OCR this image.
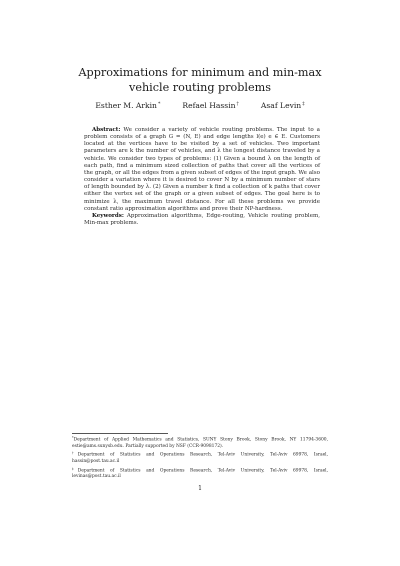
Approximations for minimum and min-max vehicle routing problems
Esther M. Arkin*	Refael Hassin†	Asaf Levin‡

Abstract: We consider a variety of vehicle routing problems. The input to a problem consists of a graph G = (N, E) and edge lengths l(e) e ∈ E. Customers located at the vertices have to be visited by a set of vehicles. Two important parameters are k the number of vehicles, and λ the longest distance traveled by a vehicle. We consider two types of problems: (1) Given a bound λ on the length of each path, find a minimum sized collection of paths that cover all the vertices of the graph, or all the edges from a given subset of edges of the input graph. We also consider a variation where it is desired to cover N by a minimum number of stars of length bounded by λ. (2) Given a number k find a collection of k paths that cover either the vertex set of the graph or a given subset of edges. The goal here is to minimize λ, the maximum travel distance. For all these problems we provide constant ratio approximation algorithms and prove their NP-hardness.

Keywords: Approximation algorithms, Edge-routing, Vehicle routing problem, Min-max problems.

*Department of Applied Mathematics and Statistics, SUNY Stony Brook, Stony Brook, NY 11794-3600, estie@ams.sunysb.edu. Partially supported by NSF (CCR-9098172).

†Department of Statistics and Operations Research, Tel-Aviv University, Tel-Aviv 69978, Israel, hassin@post.tau.ac.il

‡Department of Statistics and Operations Research, Tel-Aviv University, Tel-Aviv 69978, Israel, levinas@post.tau.ac.il

1
